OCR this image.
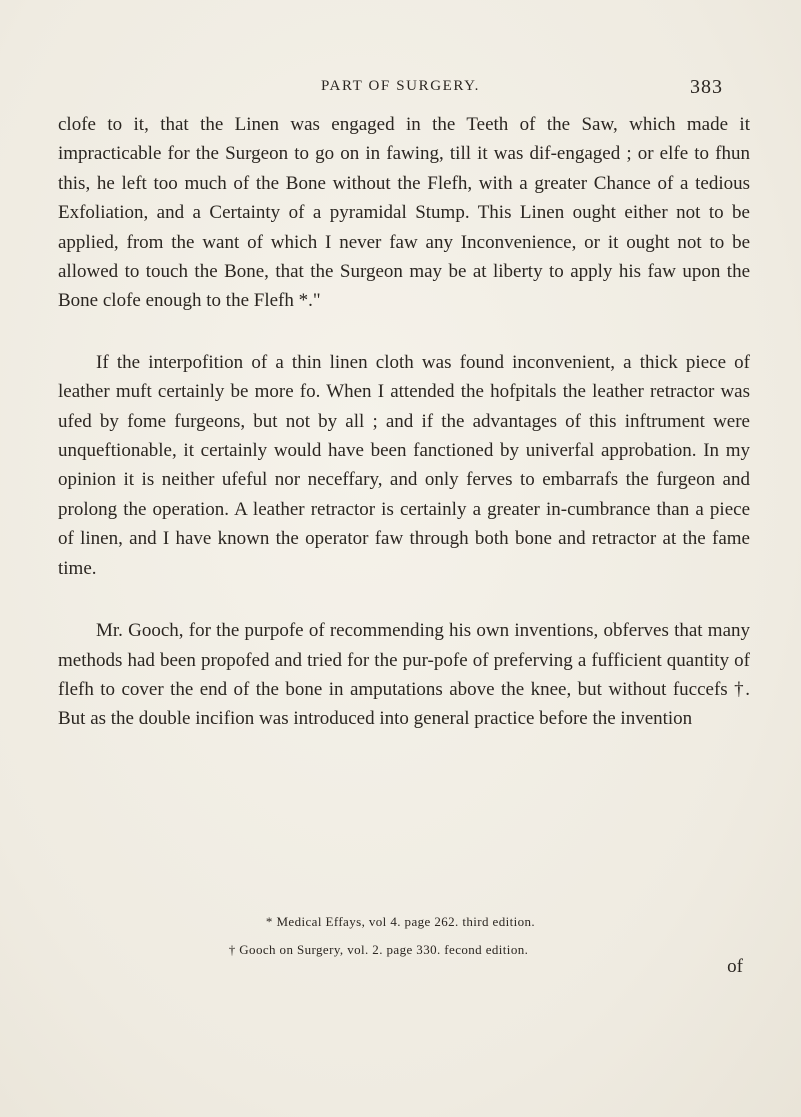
PART OF SURGERY.	383

clofe to it, that the Linen was engaged in the Teeth of the Saw, which made it impracticable for the Surgeon to go on in fawing, till it was dif-engaged ; or elfe to fhun this, he left too much of the Bone without the Flefh, with a greater Chance of a tedious Exfoliation, and a Certainty of a pyramidal Stump. This Linen ought either not to be applied, from the want of which I never faw any Inconvenience, or it ought not to be allowed to touch the Bone, that the Surgeon may be at liberty to apply his faw upon the Bone clofe enough to the Flefh *."

If the interpofition of a thin linen cloth was found inconvenient, a thick piece of leather muft certainly be more fo. When I attended the hofpitals the leather retractor was ufed by fome furgeons, but not by all ; and if the advantages of this inftrument were unqueftionable, it certainly would have been fanctioned by univerfal approbation. In my opinion it is neither ufeful nor neceffary, and only ferves to embarrafs the furgeon and prolong the operation. A leather retractor is certainly a greater in-cumbrance than a piece of linen, and I have known the operator faw through both bone and retractor at the fame time.

Mr. Gooch, for the purpofe of recommending his own inventions, obferves that many methods had been propofed and tried for the pur-pofe of preferving a fufficient quantity of flefh to cover the end of the bone in amputations above the knee, but without fuccefs †. But as the double incifion was introduced into general practice before the invention

* Medical Effays, vol 4. page 262. third edition.
† Gooch on Surgery, vol. 2. page 330. fecond edition.
of
